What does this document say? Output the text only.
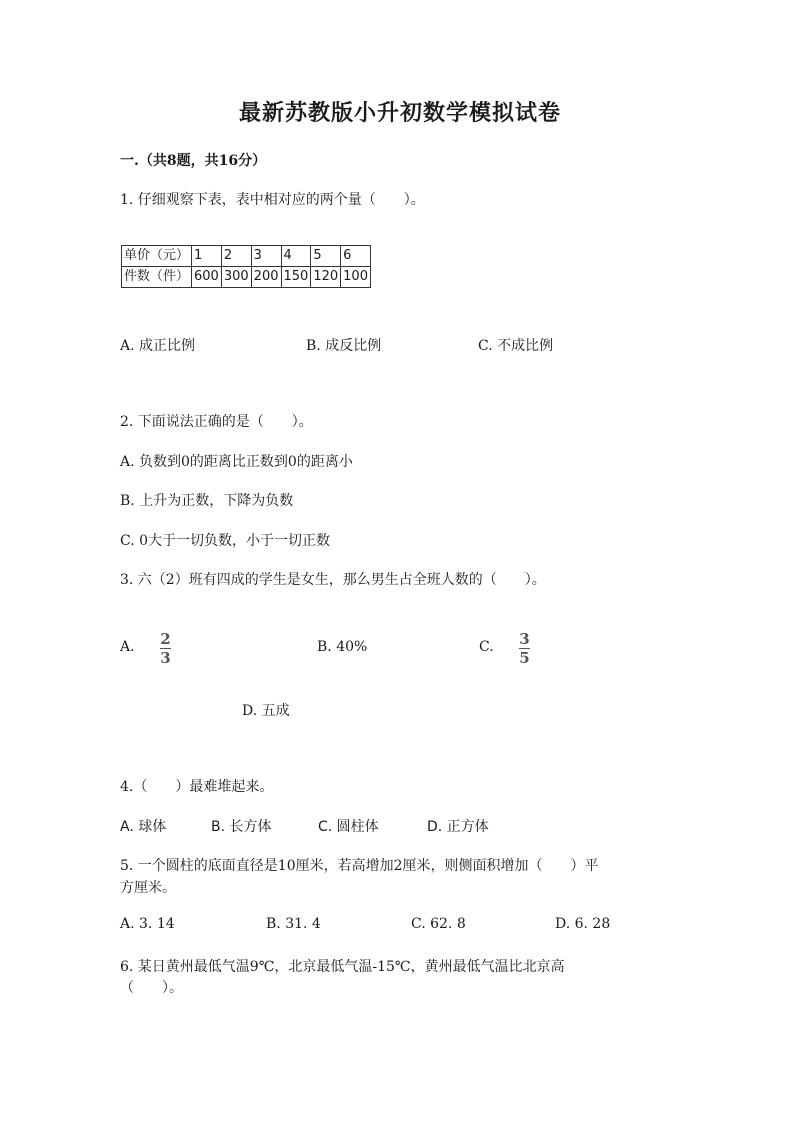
最新苏教版小升初数学模拟试卷
一.（共8题，共16分）
1. 仔细观察下表，表中相对应的两个量（　　）。
单价（元）	1	2	3	4	5	6
件数（件）	600	300	200	150	120	100
A. 成正比例	B. 成反比例	C. 不成比例
2. 下面说法正确的是（　　）。
A. 负数到0的距离比正数到0的距离小
B. 上升为正数，下降为负数
C. 0大于一切负数，小于一切正数
3. 六（2）班有四成的学生是女生，那么男生占全班人数的（　　）。
A. 2
3
B. 40%	C. 3
5
D. 五成
4.（　　）最难堆起来。
A. 球体	B. 长方体	C. 圆柱体	D. 正方体
5. 一个圆柱的底面直径是10厘米，若高增加2厘米，则侧面积增加（　　）平
方厘米。
A. 3. 14	B. 31. 4	C. 62. 8	D. 6. 28
6. 某日黄州最低气温9℃，北京最低气温-15℃，黄州最低气温比北京高
（　　）。
